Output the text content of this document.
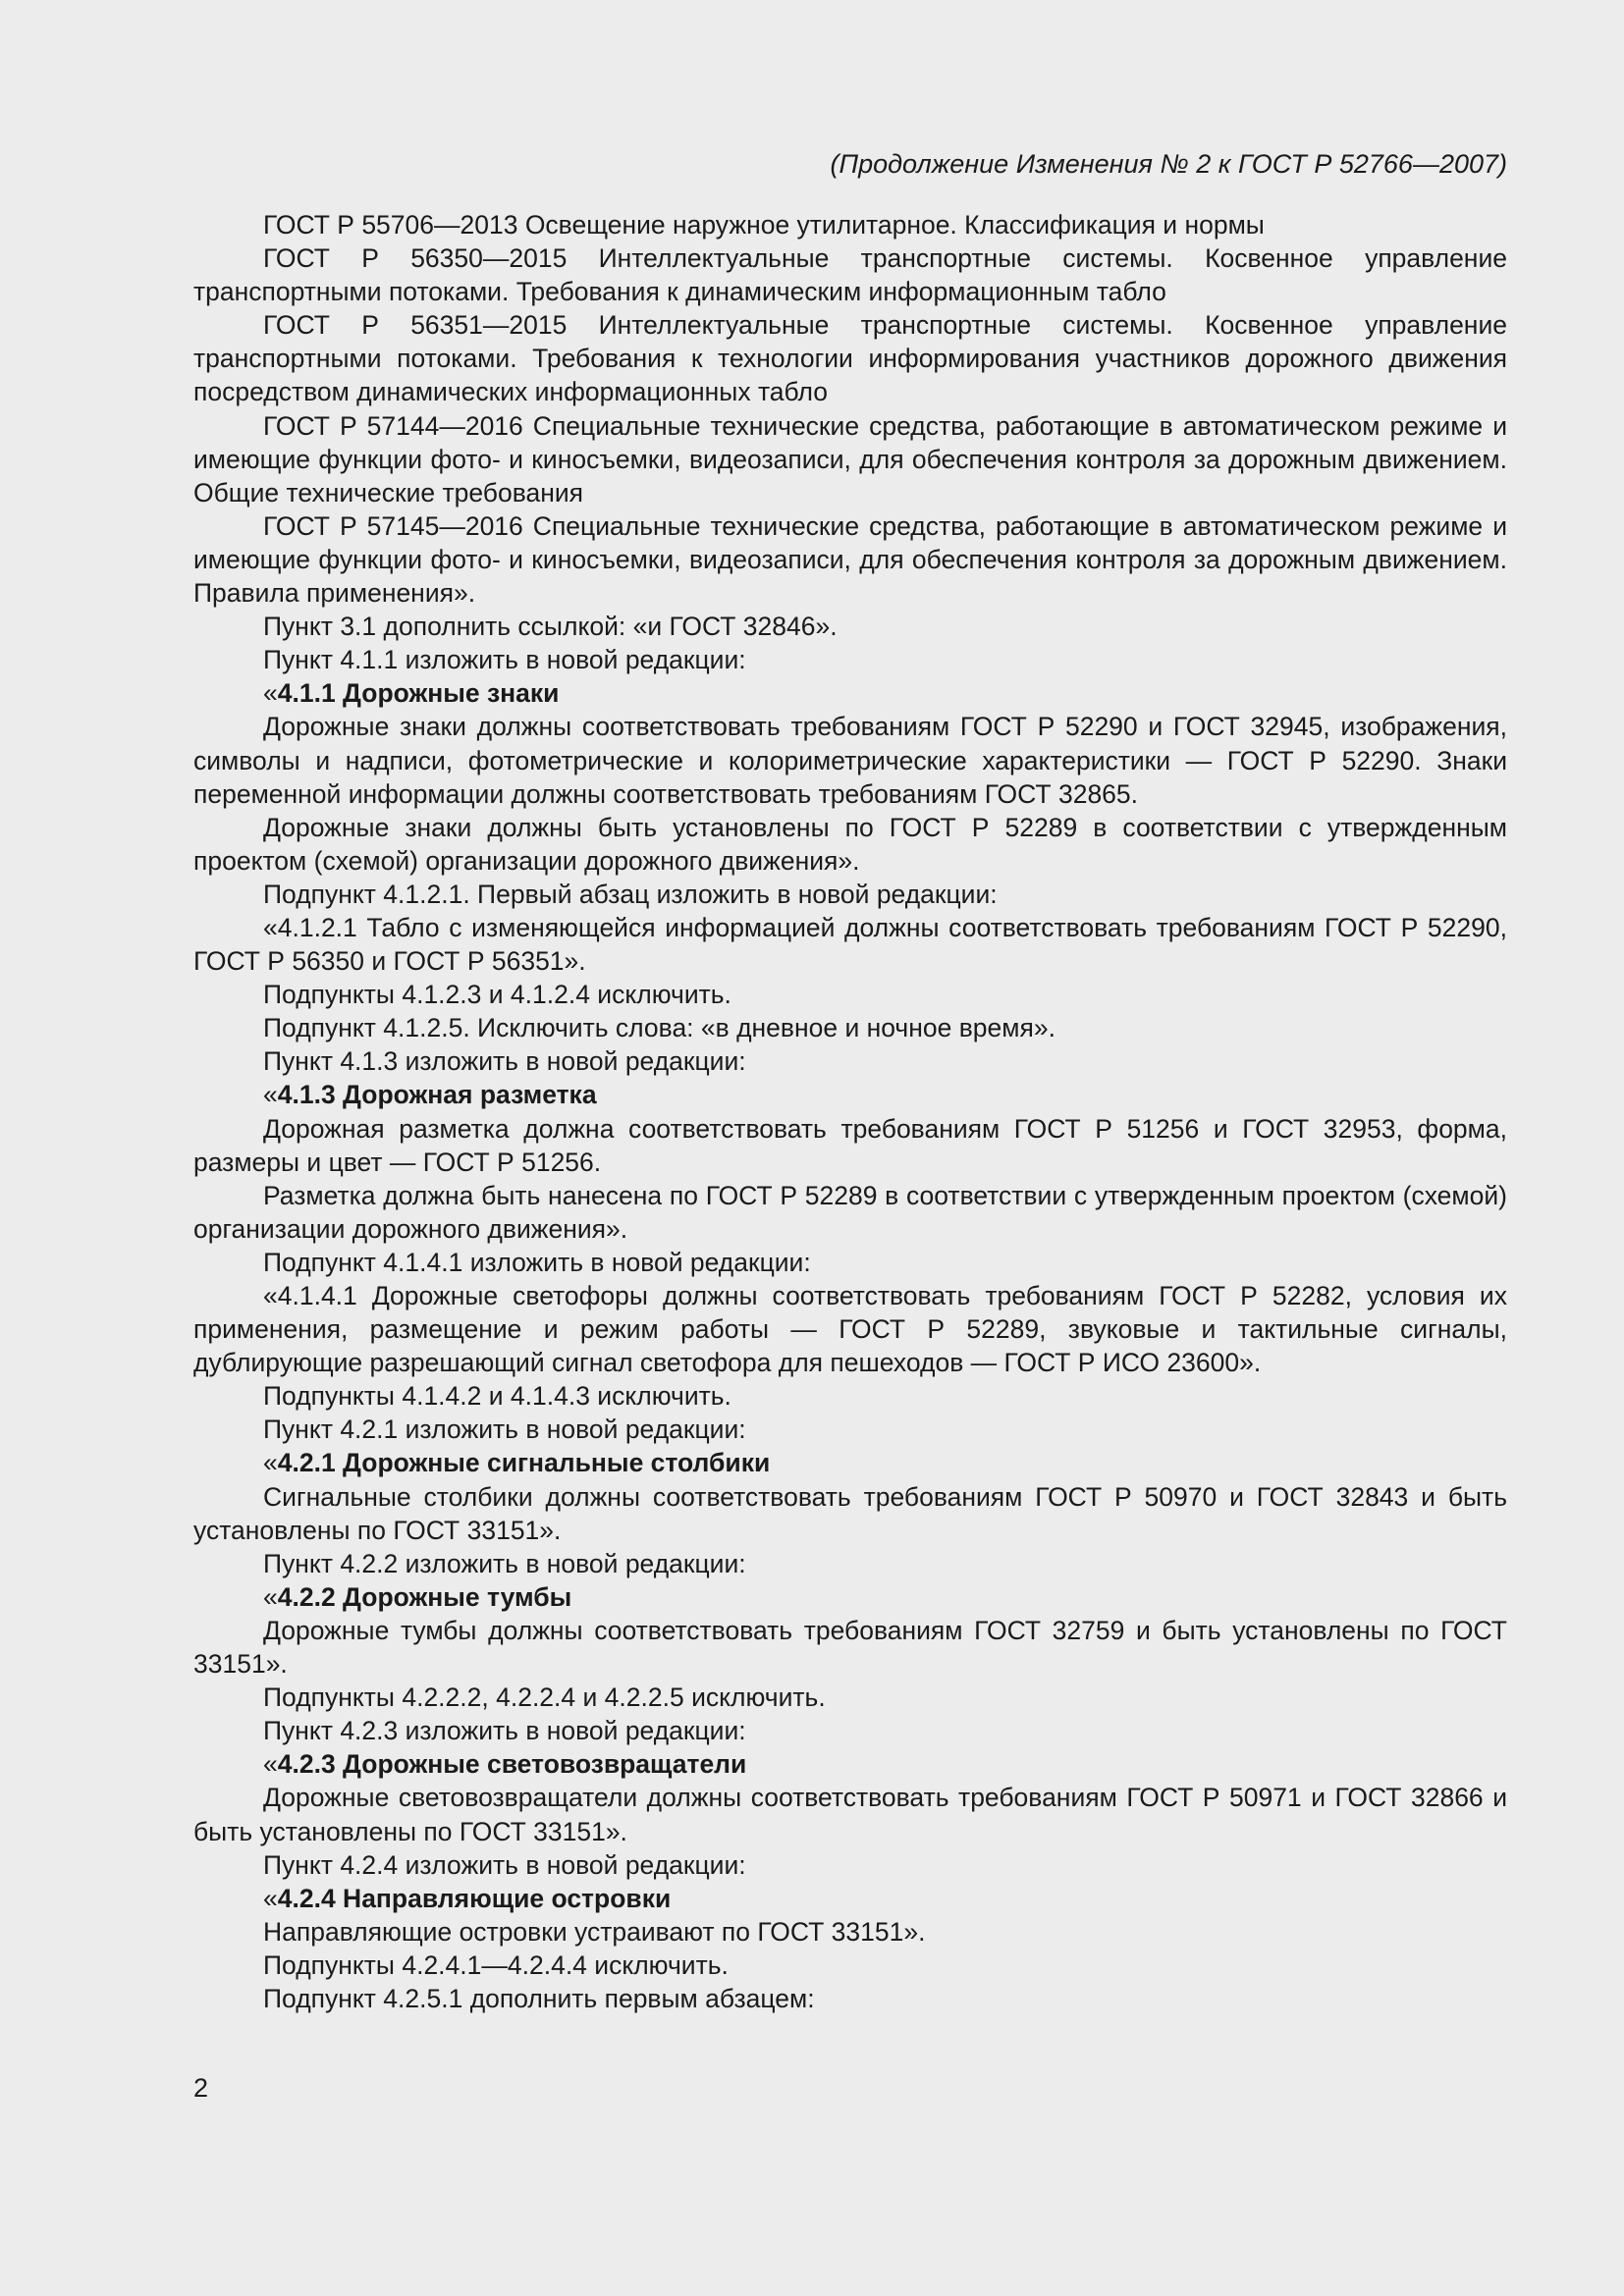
(Продолжение Изменения № 2 к ГОСТ Р 52766—2007)

ГОСТ Р 55706—2013 Освещение наружное утилитарное. Классификация и нормы

ГОСТ Р 56350—2015 Интеллектуальные транспортные системы. Косвенное управление транспортными потоками. Требования к динамическим информационным табло

ГОСТ Р 56351—2015 Интеллектуальные транспортные системы. Косвенное управление транспортными потоками. Требования к технологии информирования участников дорожного движения посредством динамических информационных табло

ГОСТ Р 57144—2016 Специальные технические средства, работающие в автоматическом режиме и имеющие функции фото- и киносъемки, видеозаписи, для обеспечения контроля за дорожным движением. Общие технические требования

ГОСТ Р 57145—2016 Специальные технические средства, работающие в автоматическом режиме и имеющие функции фото- и киносъемки, видеозаписи, для обеспечения контроля за дорожным движением. Правила применения».

Пункт 3.1 дополнить ссылкой: «и ГОСТ 32846».

Пункт 4.1.1 изложить в новой редакции:

«4.1.1 Дорожные знаки

Дорожные знаки должны соответствовать требованиям ГОСТ Р 52290 и ГОСТ 32945, изображения, символы и надписи, фотометрические и колориметрические характеристики — ГОСТ Р 52290. Знаки переменной информации должны соответствовать требованиям ГОСТ 32865.

Дорожные знаки должны быть установлены по ГОСТ Р 52289 в соответствии с утвержденным проектом (схемой) организации дорожного движения».

Подпункт 4.1.2.1. Первый абзац изложить в новой редакции:

«4.1.2.1 Табло с изменяющейся информацией должны соответствовать требованиям ГОСТ Р 52290, ГОСТ Р 56350 и ГОСТ Р 56351».

Подпункты 4.1.2.3 и 4.1.2.4 исключить.

Подпункт 4.1.2.5. Исключить слова: «в дневное и ночное время».

Пункт 4.1.3 изложить в новой редакции:

«4.1.3 Дорожная разметка

Дорожная разметка должна соответствовать требованиям ГОСТ Р 51256 и ГОСТ 32953, форма, размеры и цвет — ГОСТ Р 51256.

Разметка должна быть нанесена по ГОСТ Р 52289 в соответствии с утвержденным проектом (схемой) организации дорожного движения».

Подпункт 4.1.4.1 изложить в новой редакции:

«4.1.4.1 Дорожные светофоры должны соответствовать требованиям ГОСТ Р 52282, условия их применения, размещение и режим работы — ГОСТ Р 52289, звуковые и тактильные сигналы, дублирующие разрешающий сигнал светофора для пешеходов — ГОСТ Р ИСО 23600».

Подпункты 4.1.4.2 и 4.1.4.3 исключить.

Пункт 4.2.1 изложить в новой редакции:

«4.2.1 Дорожные сигнальные столбики

Сигнальные столбики должны соответствовать требованиям ГОСТ Р 50970 и ГОСТ 32843 и быть установлены по ГОСТ 33151».

Пункт 4.2.2 изложить в новой редакции:

«4.2.2 Дорожные тумбы

Дорожные тумбы должны соответствовать требованиям ГОСТ 32759 и быть установлены по ГОСТ 33151».

Подпункты 4.2.2.2, 4.2.2.4 и 4.2.2.5 исключить.

Пункт 4.2.3 изложить в новой редакции:

«4.2.3 Дорожные световозвращатели

Дорожные световозвращатели должны соответствовать требованиям ГОСТ Р 50971 и ГОСТ 32866 и быть установлены по ГОСТ 33151».

Пункт 4.2.4 изложить в новой редакции:

«4.2.4 Направляющие островки

Направляющие островки устраивают по ГОСТ 33151».

Подпункты 4.2.4.1—4.2.4.4 исключить.

Подпункт 4.2.5.1 дополнить первым абзацем:

2
